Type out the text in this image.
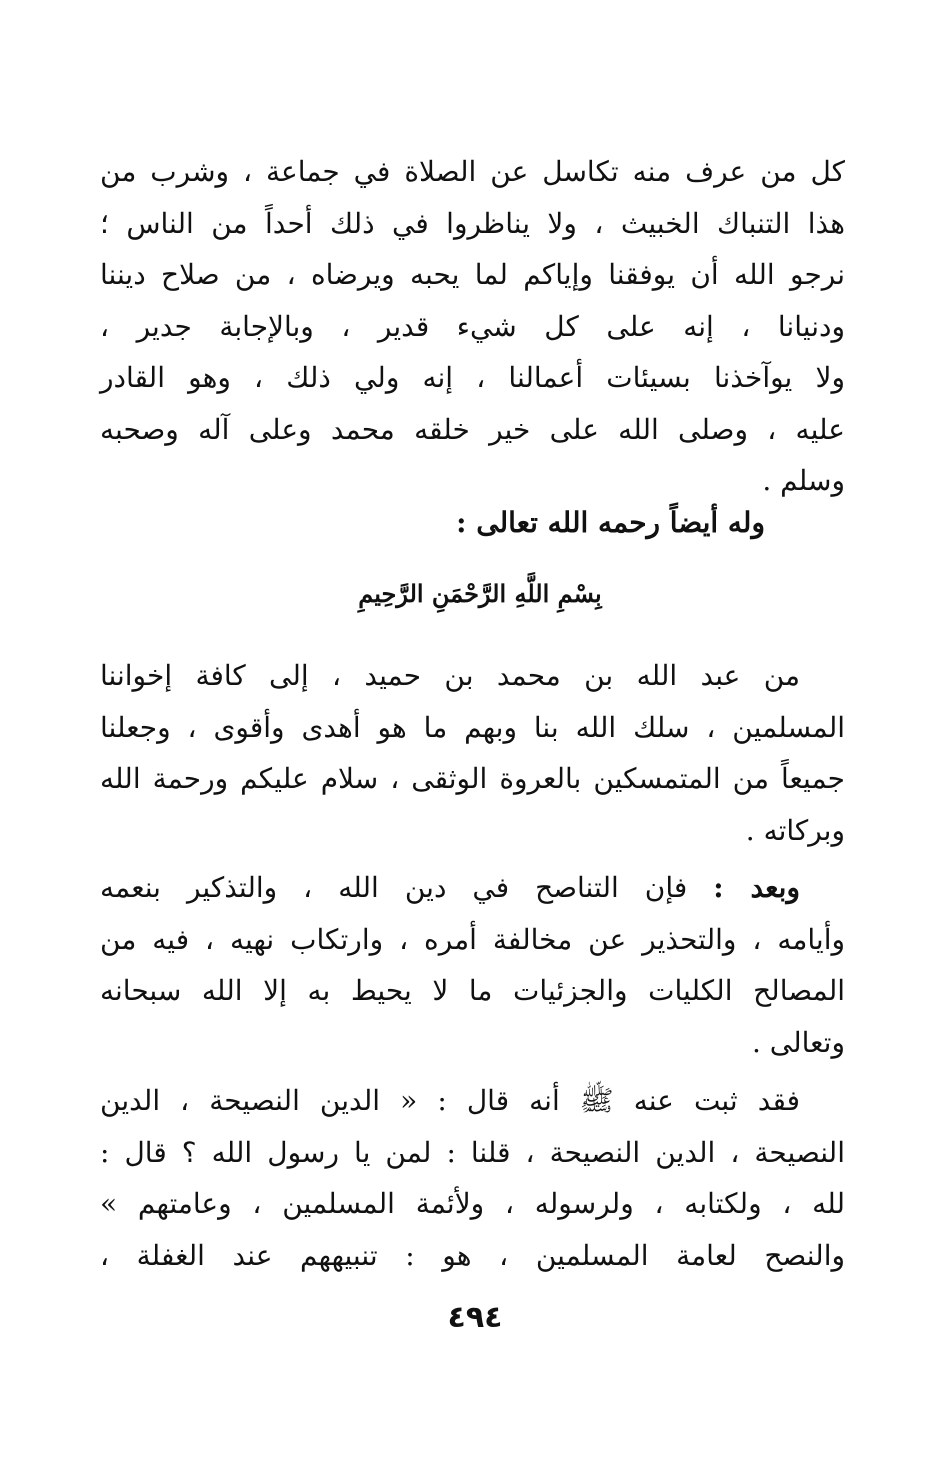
كل من عرف منه تكاسل عن الصلاة في جماعة ، وشرب من
هذا التنباك الخبيث ، ولا يناظروا في ذلك أحداً من الناس ؛
نرجو الله أن يوفقنا وإياكم لما يحبه ويرضاه ، من صلاح ديننا
ودنيانا ، إنه على كل شيء قدير ، وبالإجابة جدير ،
ولا يوآخذنا بسيئات أعمالنا ، إنه ولي ذلك ، وهو القادر
عليه ، وصلى الله على خير خلقه محمد وعلى آله وصحبه
وسلم .
وله أيضاً رحمه الله تعالى :
بِسْمِ اللَّهِ الرَّحْمَنِ الرَّحِيمِ
من عبد الله بن محمد بن حميد ، إلى كافة إخواننا
المسلمين ، سلك الله بنا وبهم ما هو أهدى وأقوى ، وجعلنا
جميعاً من المتمسكين بالعروة الوثقى ، سلام عليكم ورحمة الله
وبركاته .
وبعد : فإن التناصح في دين الله ، والتذكير بنعمه
وأيامه ، والتحذير عن مخالفة أمره ، وارتكاب نهيه ، فيه من
المصالح الكليات والجزئيات ما لا يحيط به إلا الله سبحانه
وتعالى .
فقد ثبت عنه ﷺ أنه قال : « الدين النصيحة ، الدين
النصيحة ، الدين النصيحة ، قلنا : لمن يا رسول الله ؟ قال :
لله ، ولكتابه ، ولرسوله ، ولأئمة المسلمين ، وعامتهم »
والنصح لعامة المسلمين ، هو : تنبيههم عند الغفلة ،
٤٩٤
